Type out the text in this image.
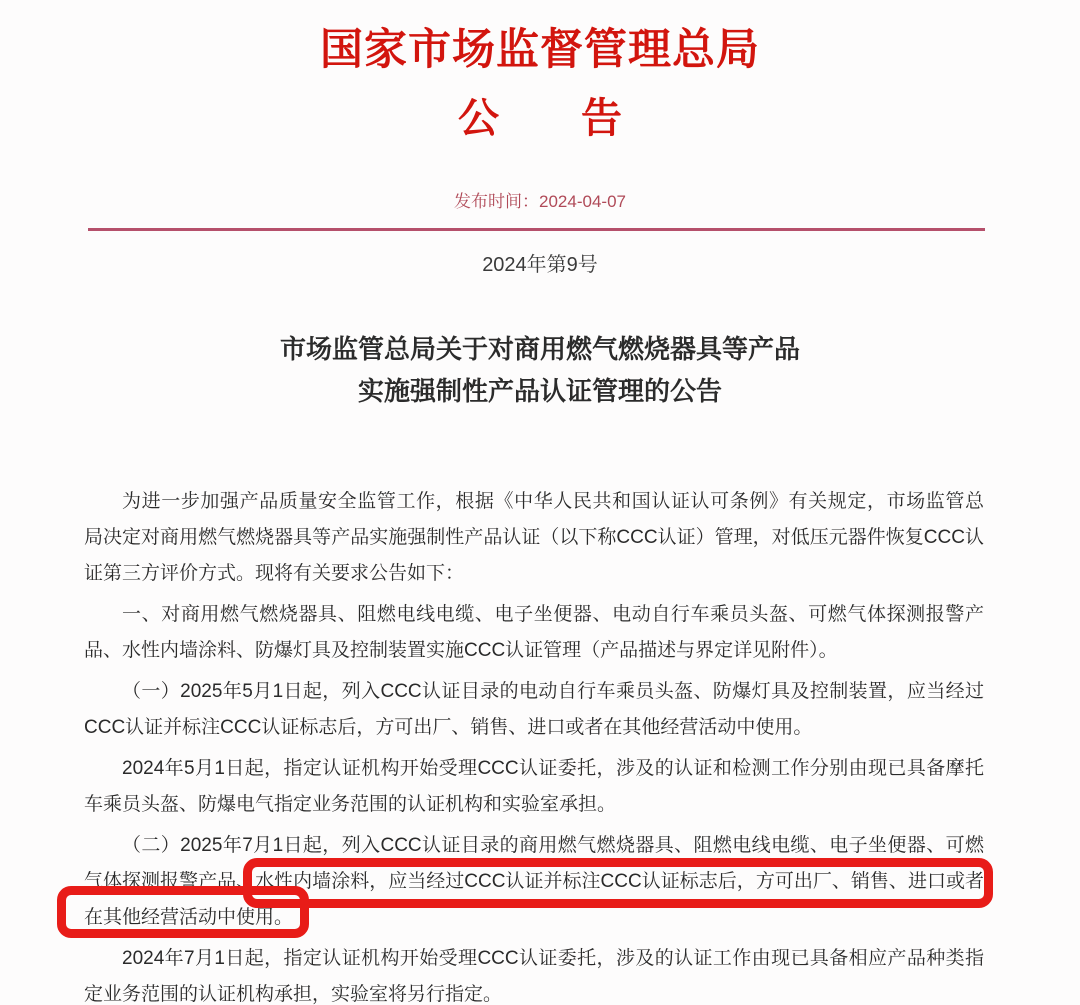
国家市场监督管理总局
公　　告
发布时间：2024-04-07
2024年第9号
市场监管总局关于对商用燃气燃烧器具等产品
实施强制性产品认证管理的公告
为进一步加强产品质量安全监管工作，根据《中华人民共和国认证认可条例》有关规定，市场监管总
局决定对商用燃气燃烧器具等产品实施强制性产品认证（以下称CCC认证）管理，对低压元器件恢复CCC认
证第三方评价方式。现将有关要求公告如下：
一、对商用燃气燃烧器具、阻燃电线电缆、电子坐便器、电动自行车乘员头盔、可燃气体探测报警产
品、水性内墙涂料、防爆灯具及控制装置实施CCC认证管理（产品描述与界定详见附件）。
（一）2025年5月1日起，列入CCC认证目录的电动自行车乘员头盔、防爆灯具及控制装置，应当经过
CCC认证并标注CCC认证标志后，方可出厂、销售、进口或者在其他经营活动中使用。
2024年5月1日起，指定认证机构开始受理CCC认证委托，涉及的认证和检测工作分别由现已具备摩托
车乘员头盔、防爆电气指定业务范围的认证机构和实验室承担。
（二）2025年7月1日起，列入CCC认证目录的商用燃气燃烧器具、阻燃电线电缆、电子坐便器、可燃
气体探测报警产品、水性内墙涂料，应当经过CCC认证并标注CCC认证标志后，方可出厂、销售、进口或者
在其他经营活动中使用。
2024年7月1日起，指定认证机构开始受理CCC认证委托，涉及的认证工作由现已具备相应产品种类指
定业务范围的认证机构承担，实验室将另行指定。
